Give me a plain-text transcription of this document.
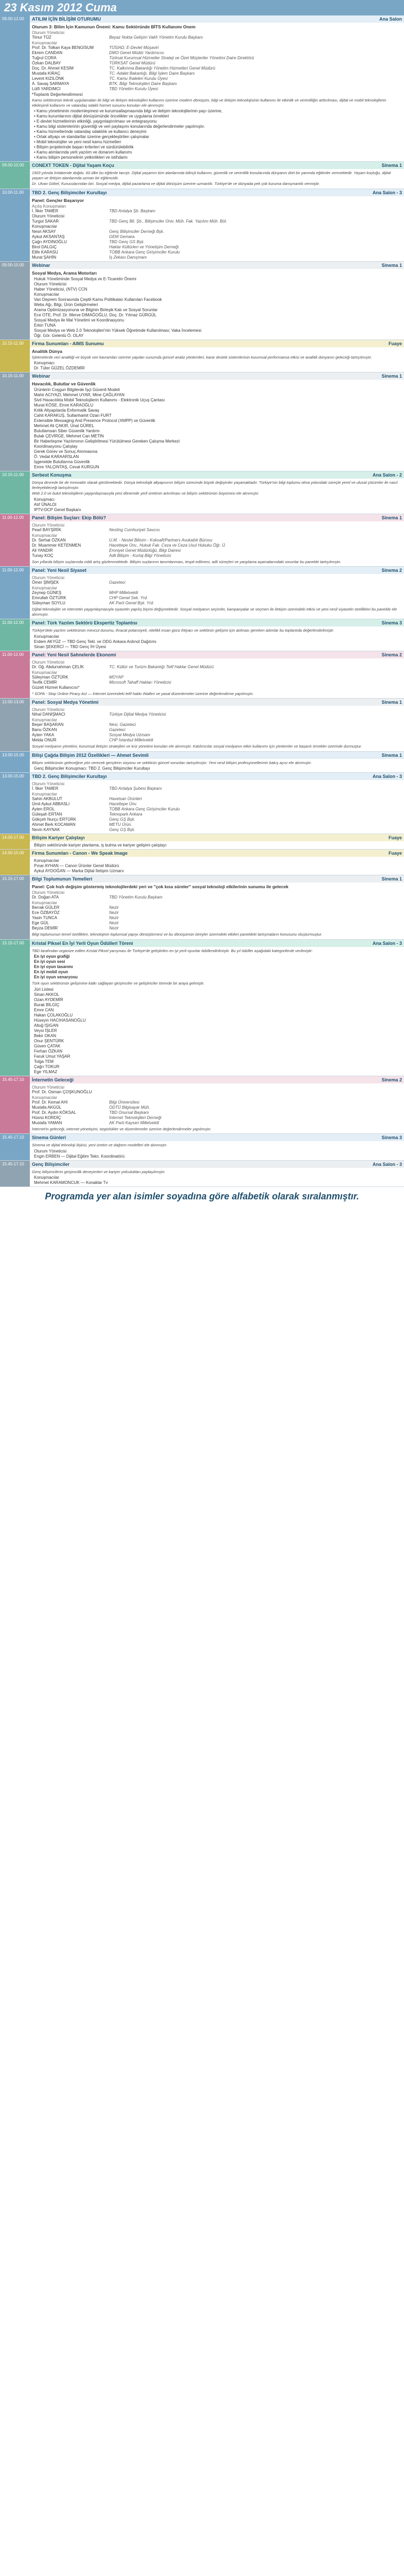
23 Kasım 2012 Cuma
09.00-12.00	ATILIM İÇİN BİLİŞİM OTURUMU	Ana Salon
Oturum 3: Bilim İçin Kamunun Önemi: Kamu Sektöründe BİTS Kullanımı Onem
Oturum Yöneticisi
Timur TÜZ	Beyaz Nokta Gelişim Vakfı Yönetim Kurulu Başkanı
Konuşmacılar
Prof. Dr. Tolkan Kaya BENGİSUM	TÜSİAD, E-Devlet Müşaviri
Ekrem CANDAN	DMO Genel Müdür Yardımcısı
Tuğrul CORA	Türksat Kurumsal Hizmetler Strateji ve Özel Müşteriler Yönetimi Daire Direktörü
Özkan DALBAY	TÜRKSAT Genel Müdürü
Doç. Dr. Ahmet KESİM	TC. Kalkınma Bakanlığı Yönetim Hizmetleri Genel Müdürü
Mustafa KIRAÇ	TC. Adalet Bakanlığı, Bilgi İşlem Daire Başkanı
Levent KIZILÖNK	TC. Kamu İhaleleri Kurulu Üyesi
A. Savaş SARMAYA	BTK, Bilgi Teknolojileri Daire Başkanı
Lütfi YARDIMCI	TBD Yönetim Kurulu Üyesi
*Toplantı Değerlendirmesi
Kamu sektörünün teknik uygulamaları ile bilgi ve iletişim teknolojileri kullanımı üzerine modern dönüşüm, bilgi ve iletişim teknolojisinin kullanımı ile etkinlik ve verimliliğin arttırılması, dijital ve mobil teknolojilerin etkileşimli kullanımı ve vatandaş odaklı hizmet sunumu konuları ele alınmıştır.
• Kamu yönetiminin modernleşmesi ve kurumsallaşmasında bilgi ve iletişim teknolojilerinin payı üzerine,
• Kamu kurumlarının dijital dönüşümünde öncelikler ve uygulama örnekleri
• E-devlet hizmetlerinin etkinliği, yaygınlaştırılması ve entegrasyonu
• Kamu bilgi sistemlerinin güvenliği ve veri paylaşımı konularında değerlendirmeler yapılmıştır.
• Kamu hizmetlerinde vatandaş odaklılık ve kullanıcı deneyimi
• Ortak altyapı ve standartlar üzerine gerçekleştirilen çalışmalar
• Mobil teknolojiler ve yeni nesil kamu hizmetleri
• Bilişim projelerinde başarı kriterleri ve sürdürülebilirlik
• Kamu alımlarında yerli yazılım ve donanım kullanımı
• Kamu bilişim personelinin yetkinlikleri ve istihdamı
09.00-10.00	CONEXT TOKEN - Dijital Yaşam Koçu	Sinema 1
1903 yılında İmlakende doğdu. 60 ülke bu eğitimle tanıştı. Dijital yaşamın tüm alanlarında bilinçli kullanım, güvenlik ve verimlilik konularında dünyanın dört bir yanında eğitimler vermektedir. Yaşam koçluğu, dijital yaşam ve iletişim alanlarında uzman bir eğitimcidir.
Dr. Ulvan Gökel, Kurucularından biri. Sosyal medya, dijital pazarlama ve dijital dönüşüm üzerine uzmanlık. Türkiye'de ve dünyada pek çok kuruma danışmanlık vermiştir.
10.00-11.00	TBD 2. Genç Bilişimciler Kurultayı	Ana Salon - 3
Panel: Gençler Başarıyor
Açılış Konuşmaları
İ. İlker TAMER	TBD Antalya Şb. Başkanı
Oturum Yöneticisi
Turgut SAKAR	TBD Genç Bil. Şb., Bilişimciler Üniv. Müh. Fak. Yazılım Müh. Böl.
Konuşmacılar
Nesri AKSAY	Genç Bilişimciler Derneği Bşk.
Aykut AKSANTAŞ	GEM Gemara
Çağrı AYDINOĞLU	TBD Genç GS Bşk.
Birol DALGIÇ	Haklar Kültürleri ve Yönetişim Derneği
Elife KARASU	TOBB Ankara Genç Girişimciler Kurulu
Murat ŞAHİN	İş Zekası Danışmanı
09.00-10.00	Webinar	Sinema 1
Sosyal Medya, Arama Motorları
Hukuk Yönetiminde Sosyal Medya ve E-Ticaretin Önemi
Oturum Yöneticisi
Haber Yöneticisi, (NTV) CCN
Konuşmacılar
Van Deprem Sonrasında Çeşitli Kamu Politikaları Kullanılan Facebook
Webs Ağı, Bilgi, Ürün Geliştirmeleri
Arama Optimizasyonuna ve Bilginin Birleşik Katı ve Sosyal Sorunlar
Ece OTE, Prof. Dr. Merve DIMAĞOĞLU, Doç. Dr. Yılmaz GÜRGÜL
Sosyal Medya ile Mal Yönetimi ve Koordinasyonu
Erkin TUNA
Sosyal Medya ve Web 2.0 Teknolojileri'nin Yüksek Öğretimde Kullanılması; Vaka İncelemesi
Öğr. Gör. Gelentü Ö. OLAY
10.15-11.00	Firma Sunumları - AIMS Sunumu	Fuaye
Analitik Dünya
İşletmelerde veri analitiği ve büyük veri kavramları üzerine yapılan sunumda güncel analiz yöntemleri, karar destek sistemlerinin kurumsal performansa etkisi ve analitik dünyanın geleceği tartışılmıştır.
Konuşmacı
Dr. Tüter GÜZEL ÖZDEMİR
10.15-11.00	Webinar	Sinema 1
Havacılık, Bulutlar ve Güvenlik
Ürünlerin Coşgun Bilgilerde İşçi Güvenli Modeli
Mahir ACIYAZI, Mehmet UYAR, Mine ÇAĞLAYAN
Sivil Havacılıkta Mobil Teknolojilerin Kullanımı - Elektronik Uçuş Çantası
Murat KÖSE, Emre KARAOĞLU
Kritik Altyapılarda Enformatik Savaş
Cahit KARAKUŞ, Sultanhamit Ozan FURT
Extensible Messaging And Presence Protocol (XMPP) ve Güvenlik
Mehmet Ali ÇAKIR, Ünal GÜREL
Bulutlamsan Siber Güvenlik Yardımı
Bulak ÇEVİRGE, Mehmet Can METİN
Bir Haberleşme Yazılımının Geliştirilmesi Yürütülmesi Gereken Çalışma Merkezi
Koordinasyonu Çalıştay
Gerek Görev ve Sonuç Alınmasına
Ö. Vedat KARAARSLAN
İşgenelde Bulutlarına Güvenlik
Emre YALÇINTAŞ, Cevat KURGUN
10.15-11.00	Serbest Konuşma	Ana Salon - 2
Dünya devrede bir de Innovatör olarak görülmektedir. Dünya teknolojik altyapısının bilişim sürecinde büyük değişimler yaşamaktadır. Türkiye'nin bilgi toplumu olma yolundaki süreçte yerel ve ulusal çözümler ile nasıl ilerleyebileceği tartışılmıştır.
Web 2.0 ve bulut teknolojilerin yaygınlaşmasıyla yeni dönemde yerli üretimin artırılması ve bilişim sektörünün büyümesi ele alınmıştır.
Konuşmacı
Atıf ÜNALDI
IPTV-DCP Genel Başkanı
11.00-12.00	Panel: Bilişim Suçları: Ekip Bölü?	Sinema 1
Oturum Yöneticisi
Pearl BAYŞİRİK	Nesting Cumhuriyet Savcısı
Konuşmacılar
Dr. Serhat ÖZKAN	U.M. - Nestel Bilisim - Kokoaft/Partners Avukatlık Bürosu
Dr. Muammer KETENMEN	Hacettepe Ünv., Hukuk Fak. Ceza ve Ceza Usul Hukuku Öğr. Ü.
Ali YANDIR	Emniyet Genel Müdürlüğü, Bilgi Dairesi
Tunay KOÇ	Adli Bilişim - Kurtaj Bilgi Yöneticisi
Son yıllarda bilişim suçlarında ciddi artış gözlenmektedir. Bilişim suçlarının tanımlanması, tespit edilmesi, adli süreçleri ve yargılama aşamalarındaki sorunlar bu panelde tartışılmıştır.
11.00-12.00	Panel: Yeni Nesil Siyaset	Sinema 2
Oturum Yöneticisi
Ömer ŞİMŞEK	Gazeteci
Konuşmacılar
Zeynep GÜNEŞ	MHP Milletvekili
Emrullah ÖZTÜRK	CHP Genel Sek. Yrd.
Süleyman SOYLU	AK Parti Genel Bşk. Yrd.
Dijital teknolojiler ve internetin yaygınlaşmasıyla siyasetin yapılış biçimi değişmektedir. Sosyal medyanın seçimler, kampanyalar ve seçmen ile iletişim üzerindeki etkisi ve yeni nesil siyasetin özellikleri bu panelde ele alınmıştır.
11.00-12.00	Panel: Türk Yazılım Sektörü Ekspertiz Toplantısı	Sinema 3
Türkiye'deki yazılım sektörünün mevcut durumu, ihracat potansiyeli, nitelikli insan gücü ihtiyacı ve sektörün gelişimi için atılması gereken adımlar bu toplantıda değerlendirilmiştir.
Konuşmacılar
Erdem AKYÜZ — TBD Genç Tekl. ve ODG Ankara Ardınol Dağıtımı
Sinan ŞEKERCİ — TBD Genç İH Üyesi
11.00-12.00	Panel: Yeni Nesil Sahnelerde Ekonomi	Sinema 2
Oturum Yöneticisi
Dr. Oğ. Abdurrahman ÇELİK	TC. Kültür ve Turizm Bakanlığı Telif Haklar Genel Müdürü
Konuşmacılar
Süleyman ÖZTÜRK	MÜYAP
Tevfik CEMİR	Microsoft Tahaff Hakları Yöneticisi
Güzelt Hizmet Kullanıcısı*
* SOPA - Stop Online Piracy Act — İnternet üzerindeki telif hakkı ihlalleri ve yasal düzenlemeler üzerine değerlendirme yapılmıştır.
12.00-13.00	Panel: Sosyal Medya Yönetimi	Sinema 1
Oturum Yöneticisi
Nihal DANIŞMACI	Türkiye Dijital Medya Yöneticisi
Konuşmacılar
Beşer BAŞARAN	Nesi, Gazeteci
Banu ÖZKAN	Gazeteci
Ayten YAKA	Sosyal Medya Uzmanı
Melda ONUR	CHP İstanbul Milletvekili
Sosyal medyanın yönetimi, kurumsal iletişim stratejileri ve kriz yönetimi konuları ele alınmıştır. Katılımcılar sosyal medyanın etkin kullanımı için yöntemler ve başarılı örnekler üzerinde durmuştur.
13.00-15.00	Bilişi Çağda Bilişim 2012 Özellikleri — Ahmet Sevimli	Sinema 1
Bilişim sektörünün geleceğine yön verecek gençlerin vizyonu ve sektörün güncel sorunları tartışılmıştır. Yeni nesil bilişim profesyonellerinin bakış açısı ele alınmıştır.
Genç Bilişimciler Konuşmacı: TBD 2. Genç Bilişimciler Kurultayı
13.00-15.00	TBD 2. Genç Bilişimciler Kurultayı	Ana Salon - 3
Oturum Yöneticisi
İ. İlker TAMER	TBD Antalya Şubesi Başkanı
Konuşmacılar
Sahin AKBULUT	Havelsan Ürünleri
Ümit Aykut ABBASLI	Hacettepe Ünv.
Ayten EROL	TOBB Ankara Genç Girişimciler Kurulu
Güleşah ERTAN	Teknopark Ankara
Gökçeh Nurçu ERTÜRK	Genç GŞ Bşk.
Ahmet Berk KOCAMAN	METU Ürün.
Nevin KAYNAK	Genç GŞ Bşk.
14.00-17.00	Bilişim Kariyer Çalıştayı	Fuaye
Bilişim sektöründe kariyer planlama, iş bulma ve kariyer gelişimi çalıştayı
14.00-15.00	Firma Sunumları - Canon - We Speak Image	Fuaye
Konuşmacılar
Pınar AYHAN — Canon Ürünler Genel Müdürü
Aykut AYDOĞAN — Marka Dijital İletişim Uzmanı
15.15-17.00	Bilgi Toplumunun Temelleri	Sinema 1
Panel: Çok hızlı değişim göstermiş teknolojilerdeki yeri ve "çok kısa süreler" sosyal teknoloji etkilerinin sunumu ile gelecek
Oturum Yöneticisi
Dr. Doğan ATA	TBD Yönetim Kurulu Başkanı
Konuşmacılar
Berrak GÜLER	Nezir
Ece ÖZBAYÖZ	Nezir
Yasin TUNCA	Nezir
Ege GÜL	Nezir
Beyza DEMİR	Nezir
Bilgi toplumunun temel özellikleri, teknolojinin toplumsal yapıyı dönüştürmesi ve bu dönüşümün bireyler üzerindeki etkileri paneldeki tartışmaların konusunu oluşturmuştur.
15.15-17.00	Kristal Piksel En İyi Yerli Oyun Ödülleri Töreni	Ana Salon - 3
TBD tarafından organize edilen Kristal Piksel yarışması ile Türkiye'de geliştirilen en iyi yerli oyunlar ödüllendirilmiştir. Bu yıl ödüller aşağıdaki kategorilerde verilmiştir:
En iyi oyun grafiği
En iyi oyun sesi
En iyi oyun tasarımı
En iyi mobil oyun
En iyi oyun senaryosu
Türk oyun sektörünün gelişimine katkı sağlayan girişimciler ve geliştiriciler törende bir araya gelmiştir.
Jüri Listesi
Sinan AKKOL
Ozan AYDEMİR
Burak BİLGİÇ
Emre CAN
Hakan ÇOLAKOĞLU
Hüseyin HACIHASANOĞLU
Altuğ IŞIGAN
Veysi İŞLER
Bekir OKAN
Onur ŞENTÜRK
Güven ÇATAK
Ferhan ÖZKAN
Faruk Umut YAŞAR
Tolga TEM
Çağrı TOKUR
Ege YILMAZ
15.45-17.10	İnternetin Geleceği	Sinema 2
Oturum Yöneticisi
Prof. Dr. Osman ÇOŞKUNOĞLU
Konuşmacılar
Prof. Dr. Kemal AHI	Bilgi Üniversitesi
Mustafa AKGÜL	ODTÜ Bilgisayar Müh.
Prof. Dr. Aydın KÖKSAL	TBD Onursal Başkanı
Hüsnü KORDİÇ	İnternet Teknolojileri Derneği
Mustafa YAMAN	AK Parti Kayseri Milletvekili
İnternet'in geleceği, internet yönetişimi, özgürlükler ve düzenlemeler üzerine değerlendirmeler yapılmıştır.
15.45-17.10	Sinema Günleri	Sinema 3
Sinema ve dijital teknoloji ilişkisi, yeni üretim ve dağıtım modelleri ele alınmıştır.
Oturum Yöneticisi
Engin ERBEN — Dijital Eğitim Tekn. Koordinatörü
15.45-17.10	Genç Bilişimciler	Ana Salon - 3
Genç bilişimcilerin girişimcilik deneyimleri ve kariyer yolculukları paylaşılmıştır.
Konuşmacılar
Mehmet KARAMONCUK — Konaklar Tv
Programda yer alan isimler soyadına göre alfabetik olarak sıralanmıştır.
